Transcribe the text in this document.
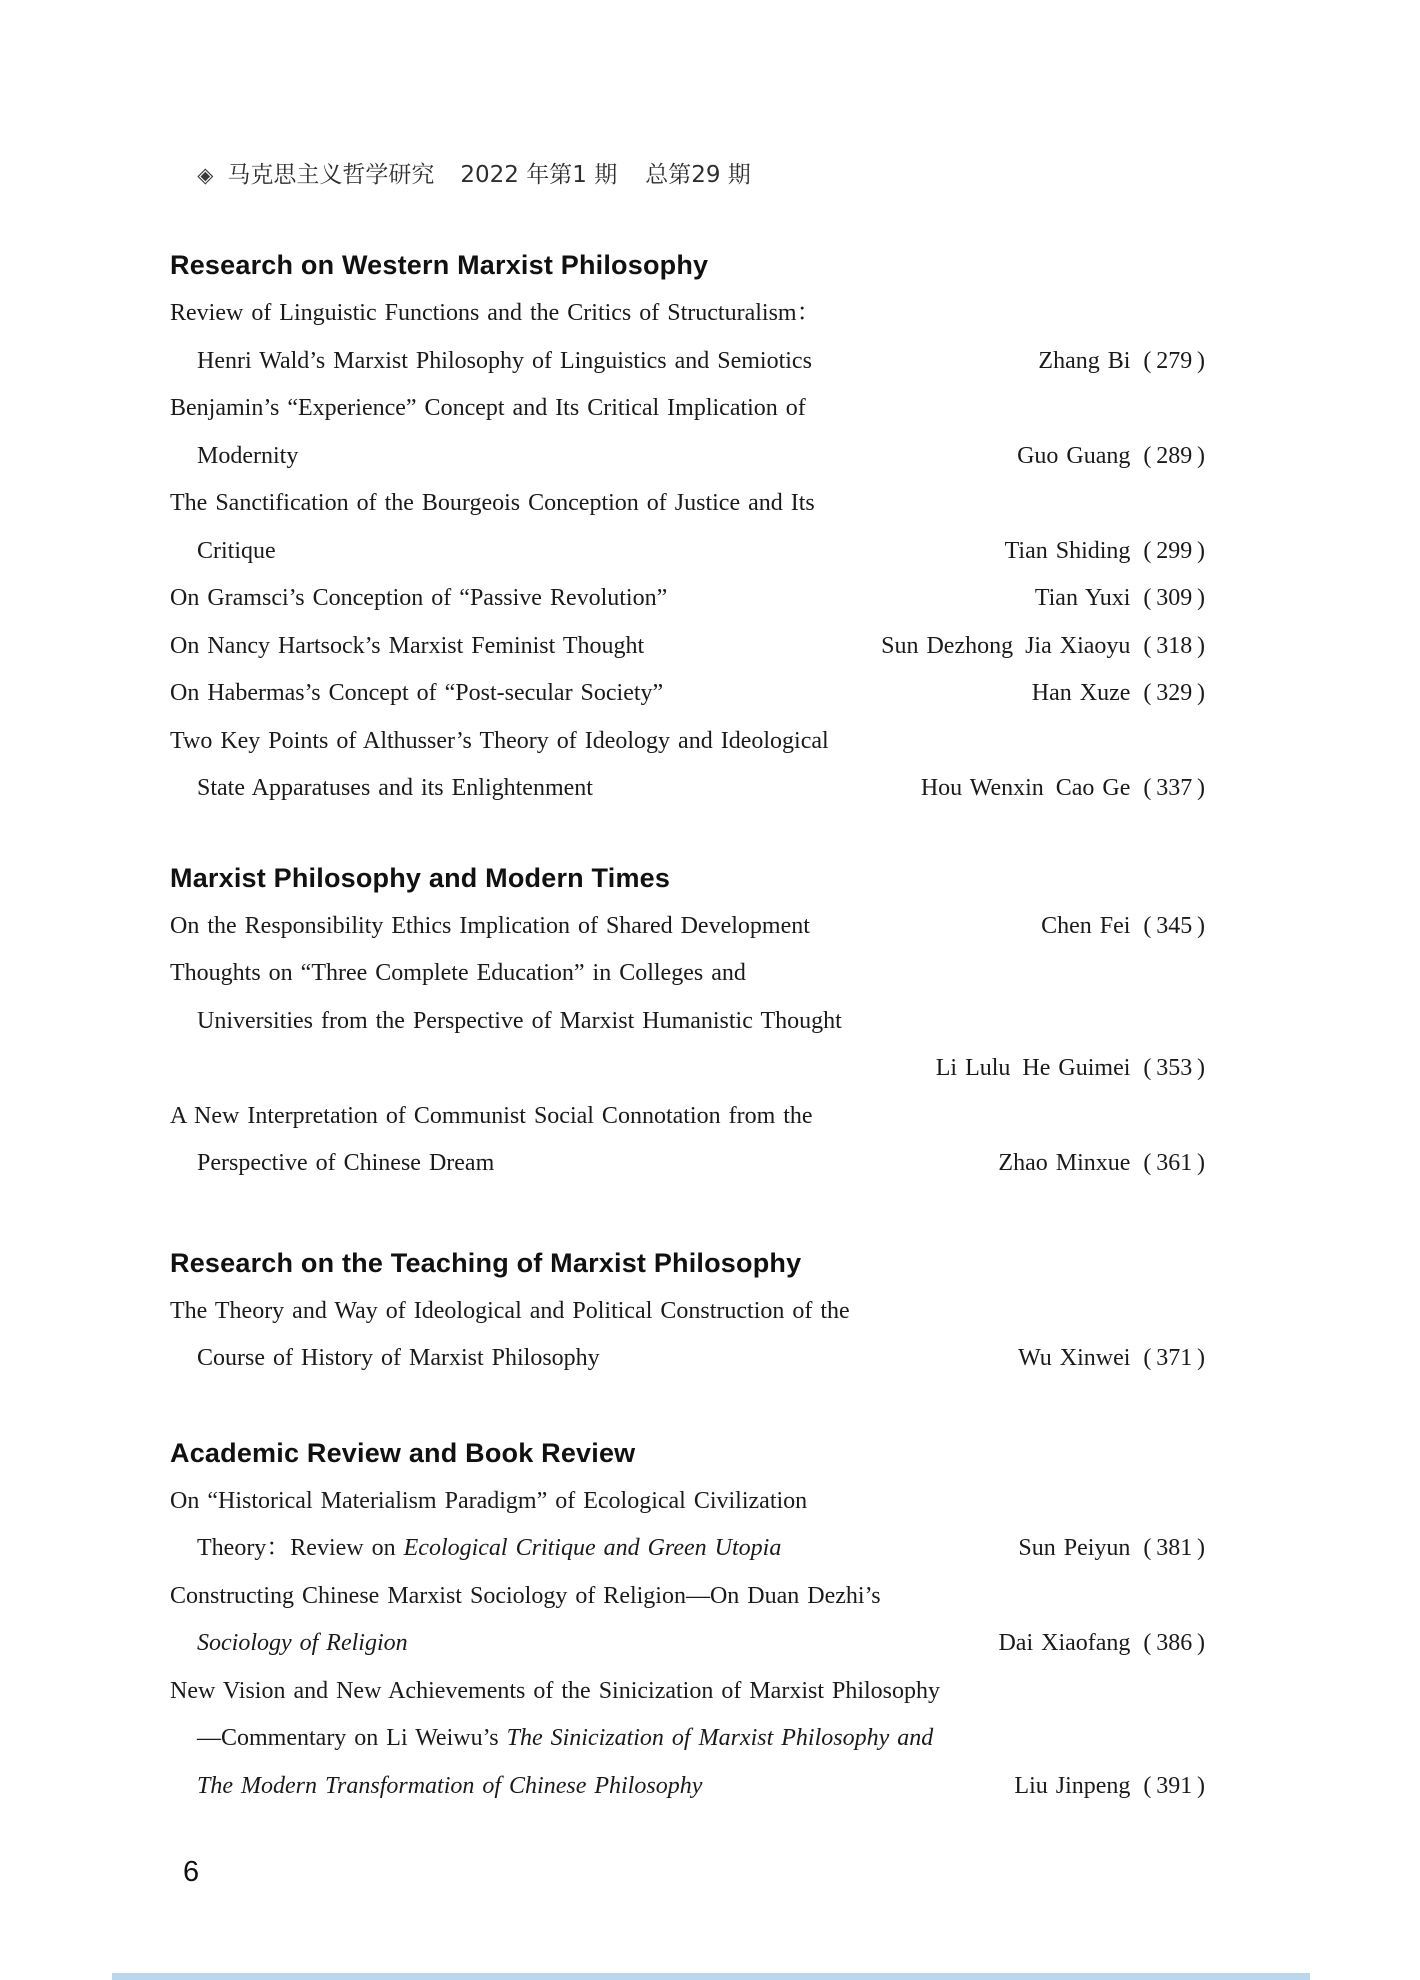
◈ 马克思主义哲学研究 2022 年第1 期 总第29 期

Research on Western Marxist Philosophy
Review of Linguistic Functions and the Critics of Structuralism：
Henri Wald’s Marxist Philosophy of Linguistics and Semiotics	Zhang Bi ( 279 )
Benjamin’s “Experience” Concept and Its Critical Implication of
Modernity	Guo Guang ( 289 )
The Sanctification of the Bourgeois Conception of Justice and Its
Critique	Tian Shiding ( 299 )
On Gramsci’s Conception of “Passive Revolution”	Tian Yuxi ( 309 )
On Nancy Hartsock’s Marxist Feminist Thought	Sun Dezhong Jia Xiaoyu ( 318 )
On Habermas’s Concept of “Post-secular Society”	Han Xuze ( 329 )
Two Key Points of Althusser’s Theory of Ideology and Ideological
State Apparatuses and its Enlightenment	Hou Wenxin Cao Ge ( 337 )
Marxist Philosophy and Modern Times
On the Responsibility Ethics Implication of Shared Development	Chen Fei ( 345 )
Thoughts on “Three Complete Education” in Colleges and
Universities from the Perspective of Marxist Humanistic Thought
Li Lulu He Guimei ( 353 )
A New Interpretation of Communist Social Connotation from the
Perspective of Chinese Dream	Zhao Minxue ( 361 )
Research on the Teaching of Marxist Philosophy
The Theory and Way of Ideological and Political Construction of the
Course of History of Marxist Philosophy	Wu Xinwei ( 371 )
Academic Review and Book Review
On “Historical Materialism Paradigm” of Ecological Civilization
Theory：Review on Ecological Critique and Green Utopia	Sun Peiyun ( 381 )
Constructing Chinese Marxist Sociology of Religion—On Duan Dezhi’s
Sociology of Religion	Dai Xiaofang ( 386 )
New Vision and New Achievements of the Sinicization of Marxist Philosophy
—Commentary on Li Weiwu’s The Sinicization of Marxist Philosophy and
The Modern Transformation of Chinese Philosophy	Liu Jinpeng ( 391 )
6
